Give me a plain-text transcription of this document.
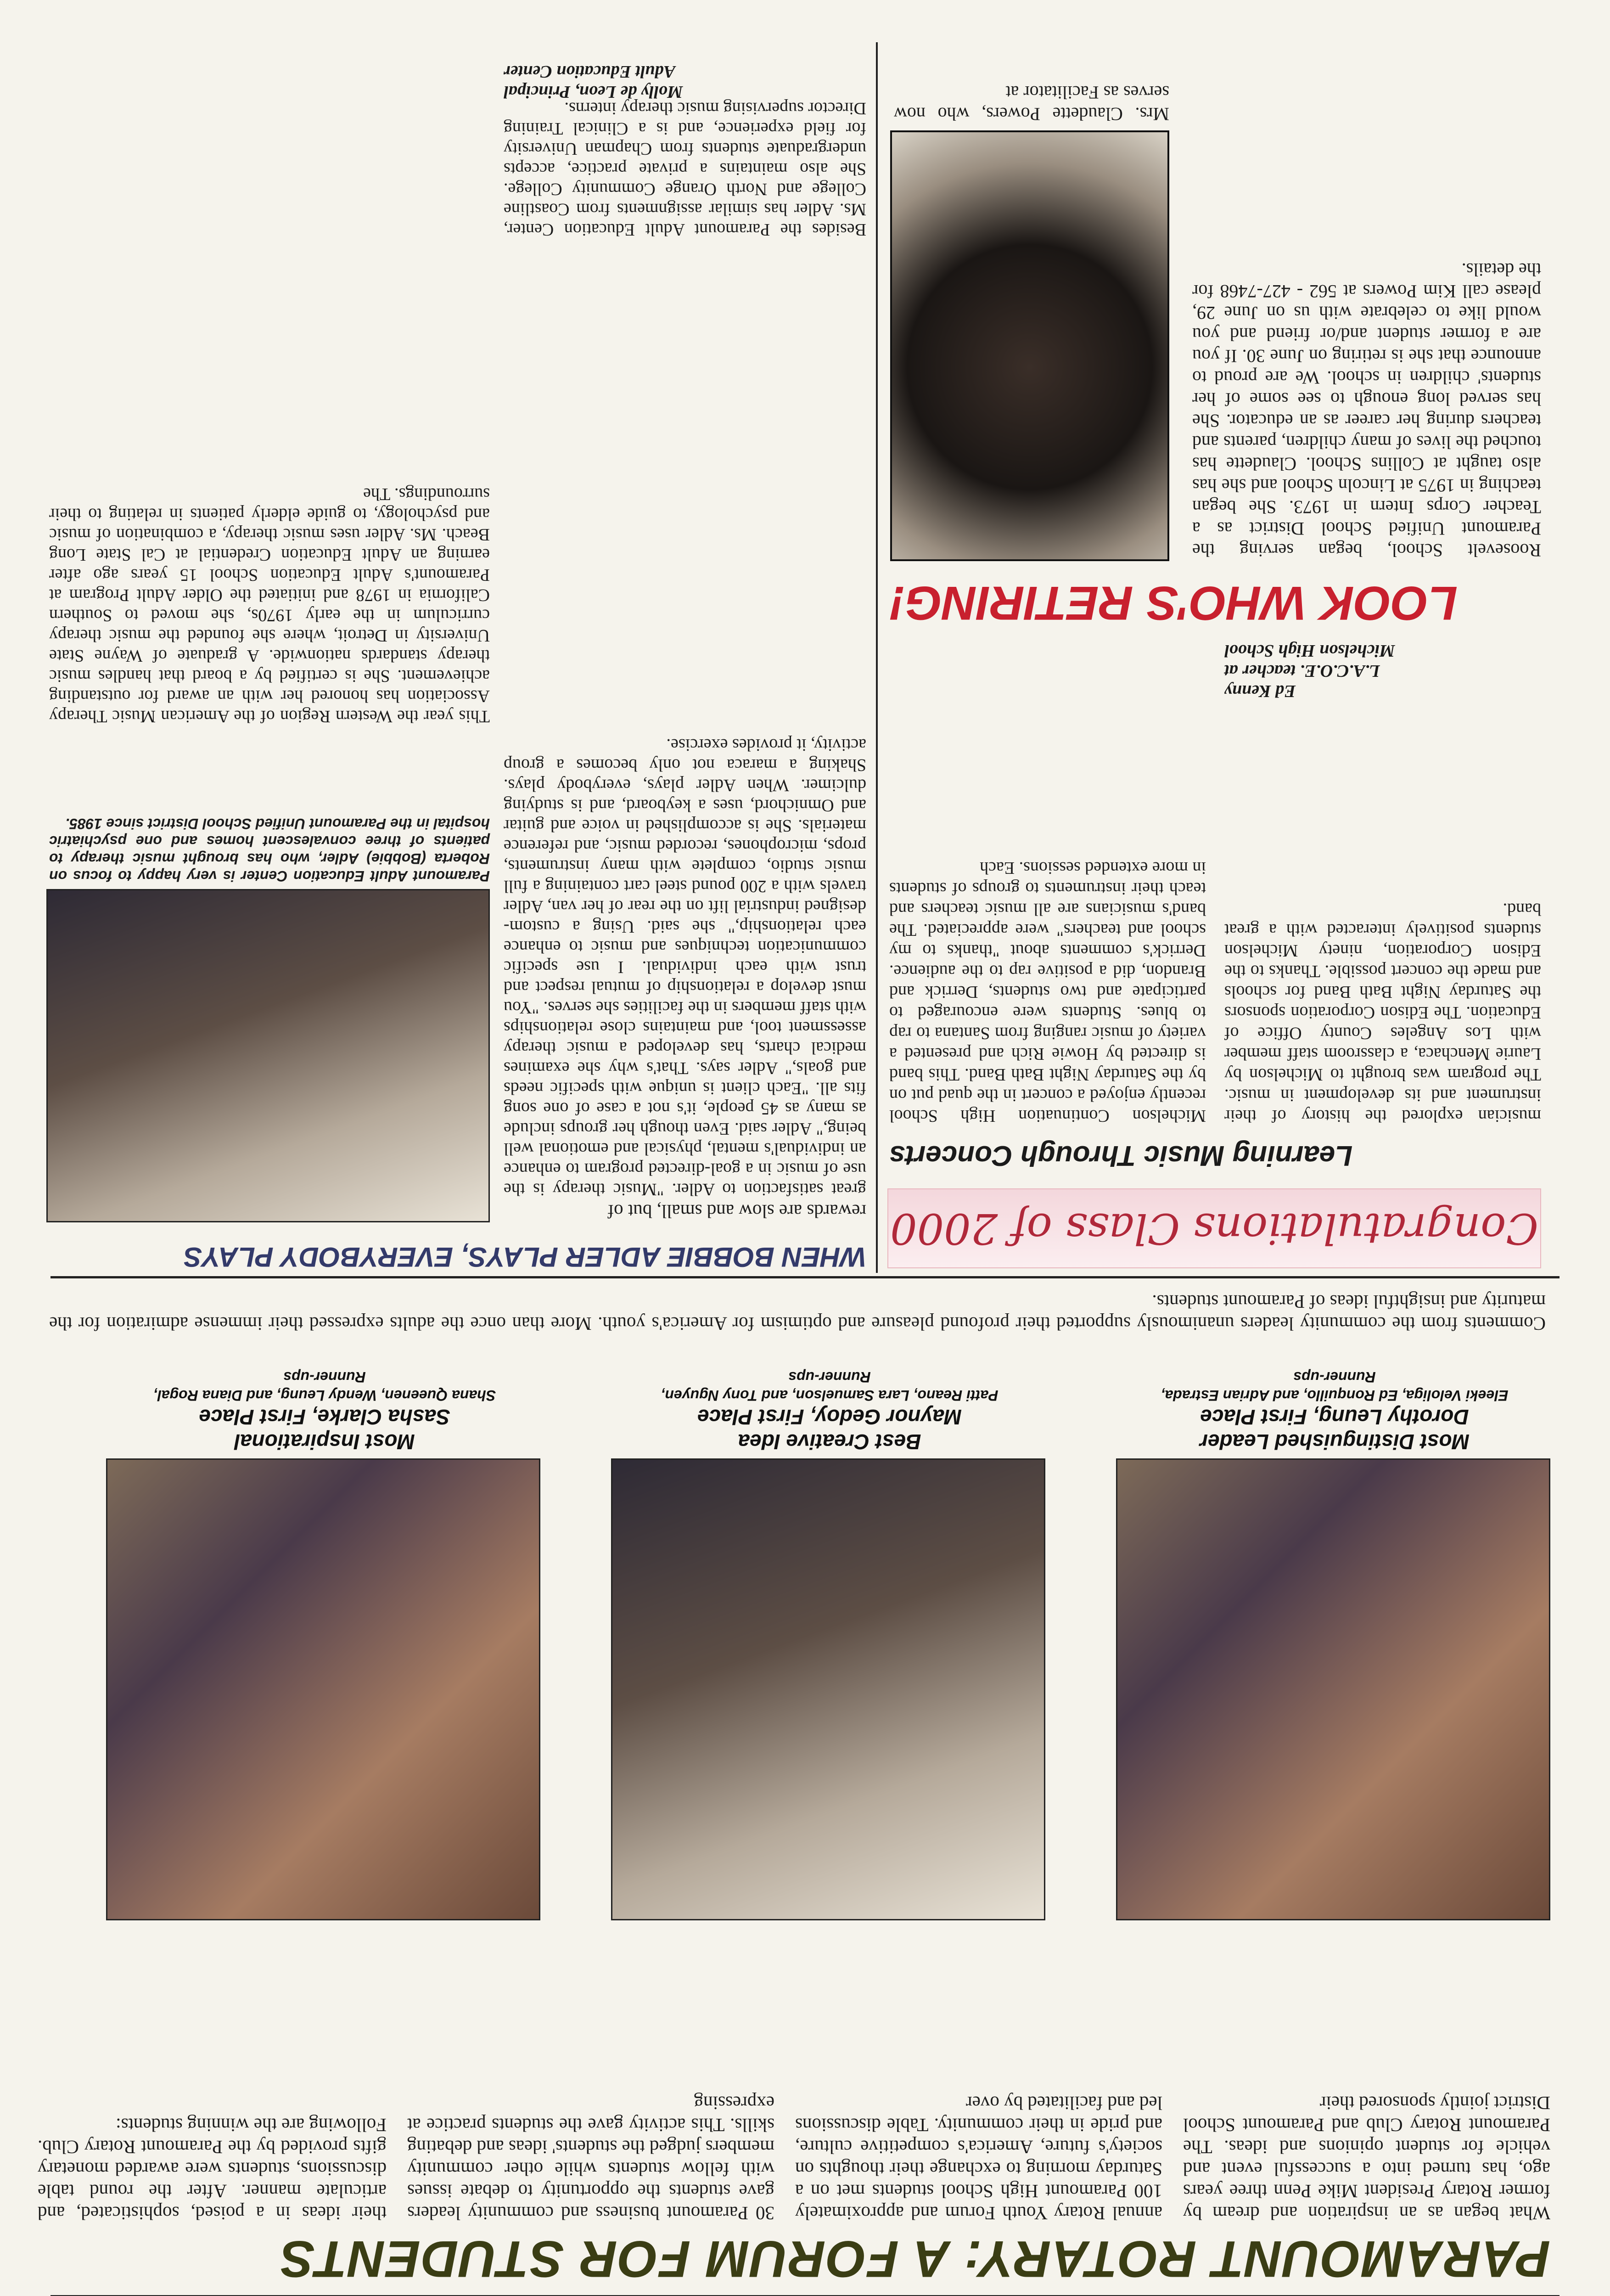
PARAMOUNT ROTARY: A FORUM FOR STUDENTS
What began as an inspiration and dream by former Rotary President Mike Penn three years ago, has turned into a successful event and vehicle for student opinions and ideas. The Paramount Rotary Club and Paramount School District jointly sponsored their
annual Rotary Youth Forum and approximately 100 Paramount High School students met on a Saturday morning to exchange their thoughts on society's future, America's competitive culture, and pride in their community. Table discussions led and facilitated by over
30 Paramount business and community leaders gave students the opportunity to debate issues with fellow students while other community members judged the students' ideas and debating skills. This activity gave the students practice at expressing
their ideas in a poised, sophisticated, and articulate manner. After the round table discussions, students were awarded monetary gifts provided by the Paramount Rotary Club. Following are the winning students:
Most Distinguished Leader
Dorothy Leung, First Place
Eleeki Veloliga, Ed Ronquillo, and Adrian Estrada,
Runner-ups
Best Creative Idea
Maynor Gedoy, First Place
Patti Reano, Lara Samuelson, and Tony Nguyen,
Runner-ups
Most Inspirational
Sasha Clarke, First Place
Shana Queenen, Wendy Leung, and Diana Rogal,
Runner-ups
Comments from the community leaders unanimously supported their profound pleasure and optimism for America's youth. More than once the adults expressed their immense admiration for the maturity and insightful ideas of Paramount students.
WHEN BOBBIE ADLER PLAYS, EVERYBODY PLAYS
Paramount Adult Education Center is very happy to focus on Roberta (Bobbie) Adler, who has brought music therapy to patients of three convalescent homes and one psychiatric hospital in the Paramount Unified School District since 1985.
rewards are slow and small, but of
great satisfaction to Adler. "Music therapy is the use of music in a goal-directed program to enhance an individual's mental, physical and emotional well being," Adler said. Even though her groups include as many as 45 people, it's not a case of one song fits all. "Each client is unique with specific needs and goals," Adler says. That's why she examines medical charts, has developed a music therapy assessment tool, and maintains close relationships with staff members in the facilities she serves. "You must develop a relationship of mutual respect and trust with each individual. I use specific communication techniques and music to enhance each relationship," she said. Using a custom-designed industrial lift on the rear of her van, Adler travels with a 200 pound steel cart containing a full music studio, complete with many instruments, props, microphones, recorded music, and reference materials. She is accomplished in voice and guitar and Omnichord, uses a keyboard, and is studying dulcimer. When Adler plays, everybody plays. Shaking a maraca not only becomes a group activity, it provides exercise.
This year the Western Region of the American Music Therapy Association has honored her with an award for outstanding achievement. She is certified by a board that handles music therapy standards nationwide. A graduate of Wayne State University in Detroit, where she founded the music therapy curriculum in the early 1970s, she moved to Southern California in 1978 and initiated the Older Adult Program at Paramount's Adult Education School 15 years ago after earning an Adult Education Credential at Cal State Long Beach. Ms. Adler uses music therapy, a combination of music and psychology, to guide elderly patients in relating to their surroundings. The
Besides the Paramount Adult Education Center, Ms. Adler has similar assignments from Coastline College and North Orange Community College. She also maintains a private practice, accepts undergraduate students from Chapman University for field experience, and is a Clinical Training Director supervising music therapy interns.
Molly de Leon, Principal
Adult Education Center
Congratulations Class of 2000
Learning Music Through Concerts
musician explored the history of their instrument and its development in music. The program was brought to Michelson by Laurie Menchaca, a classroom staff member with Los Angeles County Office of Education. The Edison Corporation sponsors the Saturday Night Bath Band for schools and made the concert possible. Thanks to the Edison Corporation, ninety Michelson students positively interacted with a great band.
Michelson Continuation High School recently enjoyed a concert in the quad put on by the Saturday Night Bath Band. This band is directed by Howie Rich and presented a variety of music ranging from Santana to rap to blues. Students were encouraged to participate and two students, Derrick and Brandon, did a positive rap to the audience. Derrick's comments about "thanks to my school and teachers" were appreciated. The band's musicians are all music teachers and teach their instruments to groups of students in more extended sessions. Each
Ed Kenny
L.A.C.O.E. teacher at
Michelson High School
LOOK WHO'S RETIRING!
Roosevelt School, began serving the Paramount Unified School District as a Teacher Corps Intern in 1973. She began teaching in 1975 at Lincoln School and she has also taught at Collins School. Claudette has touched the lives of many children, parents and teachers during her career as an educator. She has served long enough to see some of her students' children in school. We are proud to announce that she is retiring on June 30. If you are a former student and/or friend and you would like to celebrate with us on June 29, please call Kim Powers at 562 - 427-7468 for the details.
Mrs. Claudette Powers, who now serves as Facilitator at
